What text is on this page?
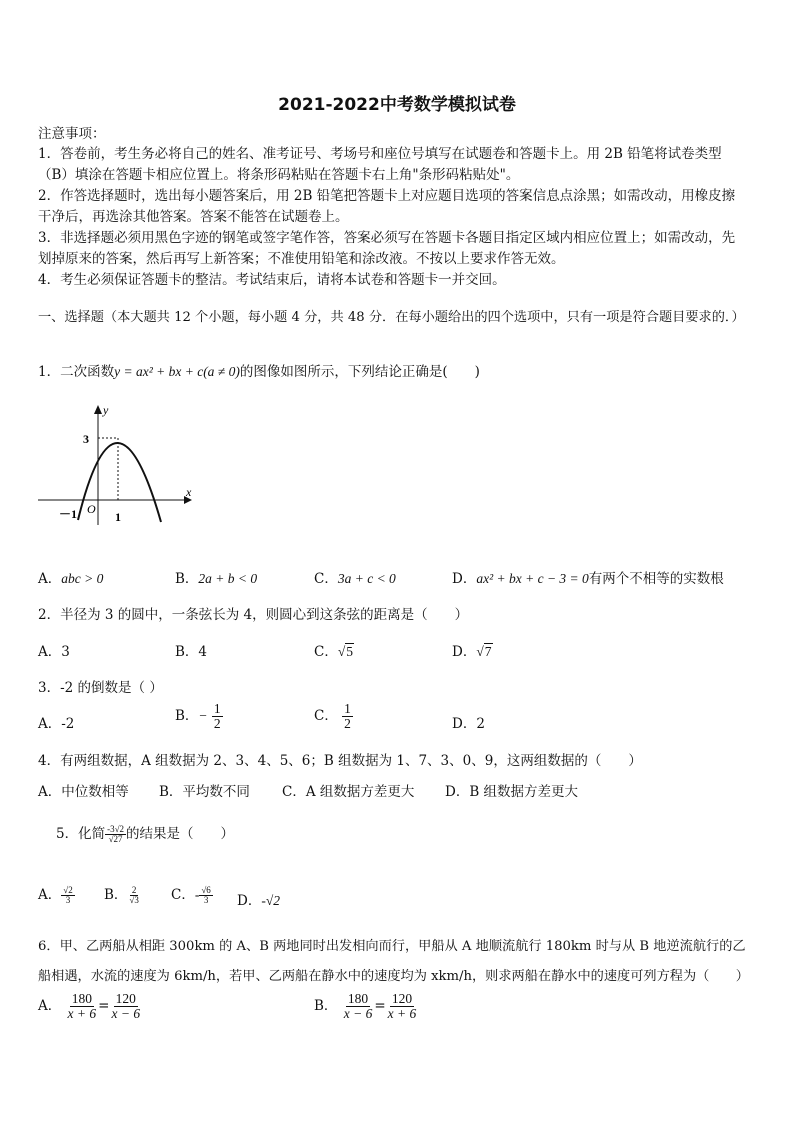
2021-2022中考数学模拟试卷
注意事项：
1．答卷前，考生务必将自己的姓名、准考证号、考场号和座位号填写在试题卷和答题卡上。用 2B 铅笔将试卷类型
（B）填涂在答题卡相应位置上。将条形码粘贴在答题卡右上角"条形码粘贴处"。
2．作答选择题时，选出每小题答案后，用 2B 铅笔把答题卡上对应题目选项的答案信息点涂黑；如需改动，用橡皮擦
干净后，再选涂其他答案。答案不能答在试题卷上。
3．非选择题必须用黑色字迹的钢笔或签字笔作答，答案必须写在答题卡各题目指定区域内相应位置上；如需改动，先
划掉原来的答案，然后再写上新答案；不准使用铅笔和涂改液。不按以上要求作答无效。
4．考生必须保证答题卡的整洁。考试结束后，请将本试卷和答题卡一并交回。
一、选择题（本大题共 12 个小题，每小题 4 分，共 48 分．在每小题给出的四个选项中，只有一项是符合题目要求的．）
1．二次函数y = ax² + bx + c(a ≠ 0)的图像如图所示，下列结论正确是(　　)
y
x
3
O
1
－1
A．abc > 0	B．2a + b < 0	C．3a + c < 0	D．ax² + bx + c − 3 = 0有两个不相等的实数根
2．半径为 3 的圆中，一条弦长为 4，则圆心到这条弦的距离是（　　）
A．3	B．4	C．√5	D．√7
3．-2 的倒数是（ ）
A．-2	B．− $\frac{1}{2}$	C． $\frac{1}{2}$	D．2
4．有两组数据，A 组数据为 2、3、4、5、6；B 组数据为 1、7、3、0、9，这两组数据的（　　）
A．中位数相等 B．平均数不同 C．A 组数据方差更大 D．B 组数据方差更大
5．化简 $\frac{-3√2}{√27}$ 的结果是（　　）
A． $\frac{√2}{3}$ B． $\frac{2}{√3}$ C．- $\frac{√6}{3}$ D．-√2
6．甲、乙两船从相距 300km 的 A、B 两地同时出发相向而行，甲船从 A 地顺流航行 180km 时与从 B 地逆流航行的乙
船相遇，水流的速度为 6km/h，若甲、乙两船在静水中的速度均为 xkm/h，则求两船在静水中的速度可列方程为（　　）
A． $\frac{180}{x + 6} = \frac{120}{x - 6}$	B． $\frac{180}{x - 6} = \frac{120}{x + 6}$
